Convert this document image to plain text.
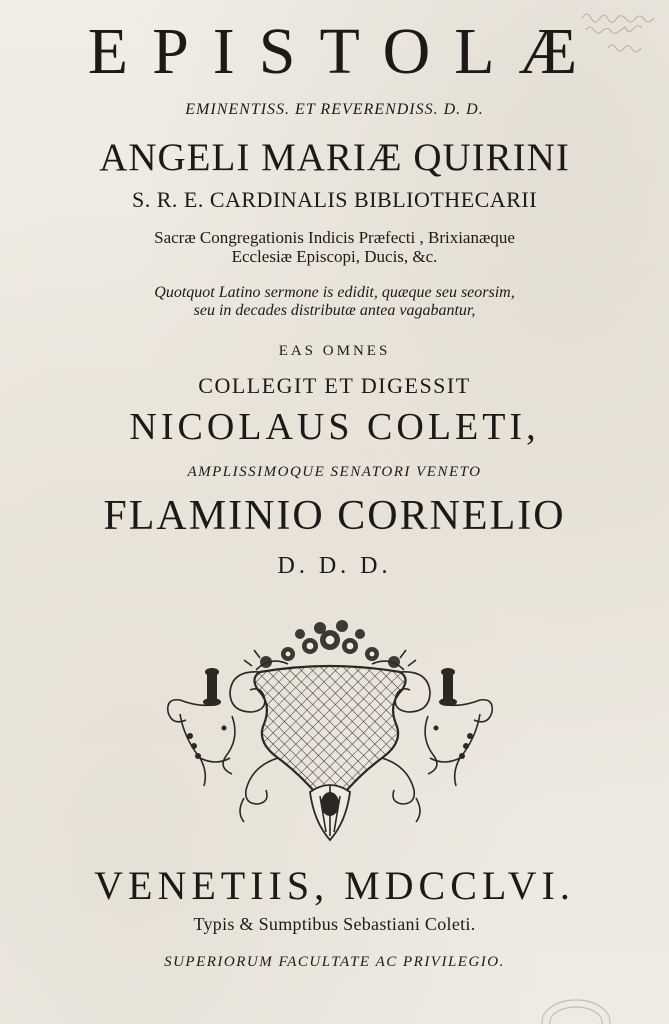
EPISTOLÆ
EMINENTISS. ET REVERENDISS. D. D.
ANGELI MARIÆ QUIRINI
S. R. E. CARDINALIS BIBLIOTHECARII
Sacræ Congregationis Indicis Præfecti , Brixianæque
Ecclesiæ Episcopi, Ducis, &c.
Quotquot Latino sermone is edidit, quæque seu seorsim,
seu in decades distributæ antea vagabantur,
EAS OMNES
COLLEGIT ET DIGESSIT
NICOLAUS COLETI,
AMPLISSIMOQUE SENATORI VENETO
FLAMINIO CORNELIO
D. D. D.
VENETIIS, MDCCLVI.
Typis & Sumptibus Sebastiani Coleti.
SUPERIORUM FACULTATE AC PRIVILEGIO.
